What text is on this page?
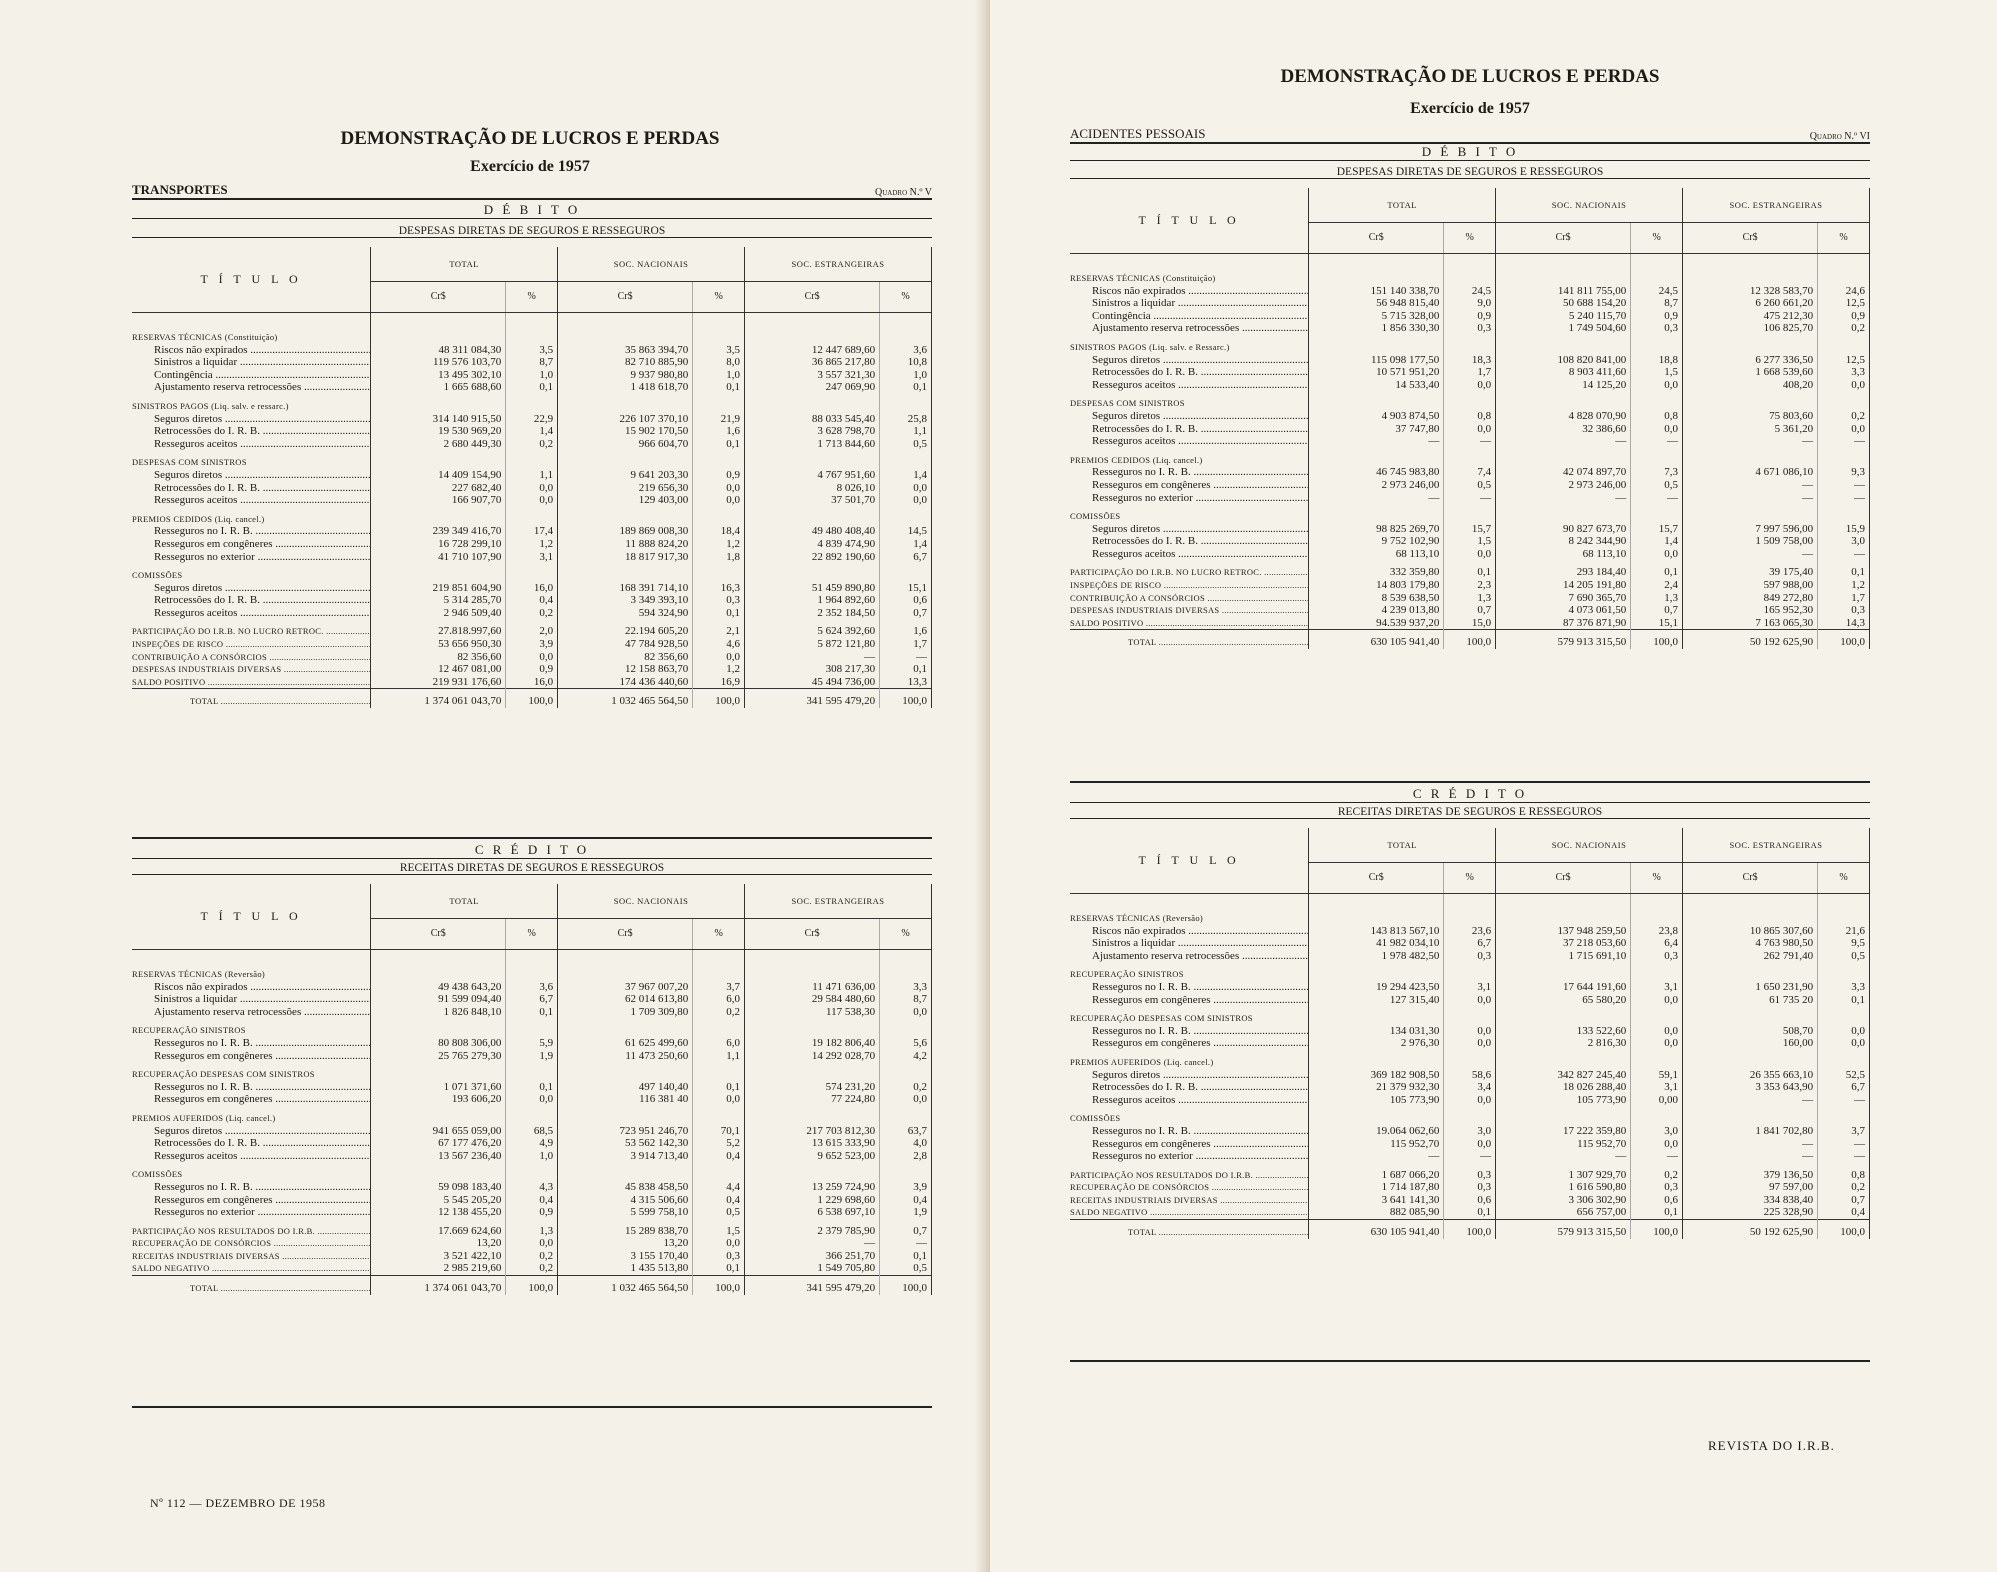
DEMONSTRAÇÃO DE LUCROS E PERDAS
Exercício de 1957
TRANSPORTES	Quadro N.º V
D É B I T O
DESPESAS DIRETAS DE SEGUROS E RESSEGUROS
T Í T U L O	TOTAL		SOC. NACIONAIS		SOC. ESTRANGEIRAS	
	Cr$	%	Cr$	%	Cr$	%

RESERVAS TÉCNICAS (Constituição)						
Riscos não expirados .....	48 311 084,30	3,5	35 863 394,70	3,5	12 447 689,60	3,6
Sinistros a liquidar .....	119 576 103,70	8,7	82 710 885,90	8,0	36 865 217,80	10,8
Contingência .....	13 495 302,10	1,0	9 937 980,80	1,0	3 557 321,30	1,0
Ajustamento reserva retrocessões .....	1 665 688,60	0,1	1 418 618,70	0,1	247 069,90	0,1

SINISTROS PAGOS (Liq. salv. e ressarc.)						
Seguros diretos .....	314 140 915,50	22,9	226 107 370,10	21,9	88 033 545,40	25,8
Retrocessões do I. R. B. .....	19 530 969,20	1,4	15 902 170,50	1,6	3 628 798,70	1,1
Resseguros aceitos .....	2 680 449,30	0,2	966 604,70	0,1	1 713 844,60	0,5

DESPESAS COM SINISTROS						
Seguros diretos .....	14 409 154,90	1,1	9 641 203,30	0,9	4 767 951,60	1,4
Retrocessões do I. R. B. .....	227 682,40	0,0	219 656,30	0,0	8 026,10	0,0
Resseguros aceitos .....	166 907,70	0,0	129 403,00	0,0	37 501,70	0,0

PREMIOS CEDIDOS (Liq. cancel.)						
Resseguros no I. R. B. .....	239 349 416,70	17,4	189 869 008,30	18,4	49 480 408,40	14,5
Resseguros em congêneres .....	16 728 299,10	1,2	11 888 824,20	1,2	4 839 474,90	1,4
Resseguros no exterior .....	41 710 107,90	3,1	18 817 917,30	1,8	22 892 190,60	6,7

COMISSÕES						
Seguros diretos .....	219 851 604,90	16,0	168 391 714,10	16,3	51 459 890,80	15,1
Retrocessões do I. R. B. .....	5 314 285,70	0,4	3 349 393,10	0,3	1 964 892,60	0,6
Resseguros aceitos .....	2 946 509,40	0,2	594 324,90	0,1	2 352 184,50	0,7

PARTICIPAÇÃO DO I.R.B. NO LUCRO RETROC. .....	27.818.997,60	2,0	22.194 605,20	2,1	5 624 392,60	1,6
INSPEÇÕES DE RISCO .....	53 656 950,30	3,9	47 784 928,50	4,6	5 872 121,80	1,7
CONTRIBUIÇÃO A CONSÓRCIOS .....	82 356,60	0,0	82 356,60	0,0	—	—
DESPESAS INDUSTRIAIS DIVERSAS .....	12 467 081,00	0,9	12 158 863,70	1,2	308 217,30	0,1
SALDO POSITIVO .....	219 931 176,60	16,0	174 436 440,60	16,9	45 494 736,00	13,3
TOTAL .....	1 374 061 043,70	100,0	1 032 465 564,50	100,0	341 595 479,20	100,0
C R É D I T O
RECEITAS DIRETAS DE SEGUROS E RESSEGUROS
T Í T U L O	TOTAL		SOC. NACIONAIS		SOC. ESTRANGEIRAS	
	Cr$	%	Cr$	%	Cr$	%

RESERVAS TÉCNICAS (Reversão)						
Riscos não expirados .....	49 438 643,20	3,6	37 967 007,20	3,7	11 471 636,00	3,3
Sinistros a liquidar .....	91 599 094,40	6,7	62 014 613,80	6,0	29 584 480,60	8,7
Ajustamento reserva retrocessões .....	1 826 848,10	0,1	1 709 309,80	0,2	117 538,30	0,0

RECUPERAÇÃO SINISTROS						
Resseguros no I. R. B. .....	80 808 306,00	5,9	61 625 499,60	6,0	19 182 806,40	5,6
Resseguros em congêneres .....	25 765 279,30	1,9	11 473 250,60	1,1	14 292 028,70	4,2

RECUPERAÇÃO DESPESAS COM SINISTROS						
Resseguros no I. R. B. .....	1 071 371,60	0,1	497 140,40	0,1	574 231,20	0,2
Resseguros em congêneres .....	193 606,20	0,0	116 381 40	0,0	77 224,80	0,0

PREMIOS AUFERIDOS (Liq. cancel.)						
Seguros diretos .....	941 655 059,00	68,5	723 951 246,70	70,1	217 703 812,30	63,7
Retrocessões do I. R. B. .....	67 177 476,20	4,9	53 562 142,30	5,2	13 615 333,90	4,0
Resseguros aceitos .....	13 567 236,40	1,0	3 914 713,40	0,4	9 652 523,00	2,8

COMISSÕES						
Resseguros no I. R. B. .....	59 098 183,40	4,3	45 838 458,50	4,4	13 259 724,90	3,9
Resseguros em congêneres .....	5 545 205,20	0,4	4 315 506,60	0,4	1 229 698,60	0,4
Resseguros no exterior .....	12 138 455,20	0,9	5 599 758,10	0,5	6 538 697,10	1,9

PARTICIPAÇÃO NOS RESULTADOS DO I.R.B. .....	17.669 624,60	1,3	15 289 838,70	1,5	2 379 785,90	0,7
RECUPERAÇÃO DE CONSÓRCIOS .....	13,20	0,0	13,20	0,0	—	—
RECEITAS INDUSTRIAIS DIVERSAS .....	3 521 422,10	0,2	3 155 170,40	0,3	366 251,70	0,1
SALDO NEGATIVO .....	2 985 219,60	0,2	1 435 513,80	0,1	1 549 705,80	0,5
TOTAL .....	1 374 061 043,70	100,0	1 032 465 564,50	100,0	341 595 479,20	100,0
Nº 112 — DEZEMBRO DE 1958
DEMONSTRAÇÃO DE LUCROS E PERDAS
Exercício de 1957
ACIDENTES PESSOAIS	Quadro N.º VI
D É B I T O
DESPESAS DIRETAS DE SEGUROS E RESSEGUROS
T Í T U L O	TOTAL		SOC. NACIONAIS		SOC. ESTRANGEIRAS	
	Cr$	%	Cr$	%	Cr$	%

RESERVAS TÉCNICAS (Constituição)						
Riscos não expirados .....	151 140 338,70	24,5	141 811 755,00	24,5	12 328 583,70	24,6
Sinistros a liquidar .....	56 948 815,40	9,0	50 688 154,20	8,7	6 260 661,20	12,5
Contingência .....	5 715 328,00	0,9	5 240 115,70	0,9	475 212,30	0,9
Ajustamento reserva retrocessões .....	1 856 330,30	0,3	1 749 504,60	0,3	106 825,70	0,2

SINISTROS PAGOS (Liq. salv. e Ressarc.)						
Seguros diretos .....	115 098 177,50	18,3	108 820 841,00	18,8	6 277 336,50	12,5
Retrocessões do I. R. B. .....	10 571 951,20	1,7	8 903 411,60	1,5	1 668 539,60	3,3
Resseguros aceitos .....	14 533,40	0,0	14 125,20	0,0	408,20	0,0

DESPESAS COM SINISTROS						
Seguros diretos .....	4 903 874,50	0,8	4 828 070,90	0,8	75 803,60	0,2
Retrocessões do I. R. B. .....	37 747,80	0,0	32 386,60	0,0	5 361,20	0,0
Resseguros aceitos .....	—	—	—	—	—	—

PREMIOS CEDIDOS (Liq. cancel.)						
Resseguros no I. R. B. .....	46 745 983,80	7,4	42 074 897,70	7,3	4 671 086,10	9,3
Resseguros em congêneres .....	2 973 246,00	0,5	2 973 246,00	0,5	—	—
Resseguros no exterior .....	—	—	—	—	—	—

COMISSÕES						
Seguros diretos .....	98 825 269,70	15,7	90 827 673,70	15,7	7 997 596,00	15,9
Retrocessões do I. R. B. .....	9 752 102,90	1,5	8 242 344,90	1,4	1 509 758,00	3,0
Resseguros aceitos .....	68 113,10	0,0	68 113,10	0,0	—	—

PARTICIPAÇÃO DO I.R.B. NO LUCRO RETROC. .....	332 359,80	0,1	293 184,40	0,1	39 175,40	0,1
INSPEÇÕES DE RISCO .....	14 803 179,80	2,3	14 205 191,80	2,4	597 988,00	1,2
CONTRIBUIÇÃO A CONSÓRCIOS .....	8 539 638,50	1,3	7 690 365,70	1,3	849 272,80	1,7
DESPESAS INDUSTRIAIS DIVERSAS .....	4 239 013,80	0,7	4 073 061,50	0,7	165 952,30	0,3
SALDO POSITIVO .....	94.539 937,20	15,0	87 376 871,90	15,1	7 163 065,30	14,3
TOTAL .....	630 105 941,40	100,0	579 913 315,50	100,0	50 192 625,90	100,0
C R É D I T O
RECEITAS DIRETAS DE SEGUROS E RESSEGUROS
T Í T U L O	TOTAL		SOC. NACIONAIS		SOC. ESTRANGEIRAS	
	Cr$	%	Cr$	%	Cr$	%

RESERVAS TÉCNICAS (Reversão)						
Riscos não expirados .....	143 813 567,10	23,6	137 948 259,50	23,8	10 865 307,60	21,6
Sinistros a liquidar .....	41 982 034,10	6,7	37 218 053,60	6,4	4 763 980,50	9,5
Ajustamento reserva retrocessões .....	1 978 482,50	0,3	1 715 691,10	0,3	262 791,40	0,5

RECUPERAÇÃO SINISTROS						
Resseguros no I. R. B. .....	19 294 423,50	3,1	17 644 191,60	3,1	1 650 231,90	3,3
Resseguros em congêneres .....	127 315,40	0,0	65 580,20	0,0	61 735 20	0,1

RECUPERAÇÃO DESPESAS COM SINISTROS						
Resseguros no I. R. B. .....	134 031,30	0,0	133 522,60	0,0	508,70	0,0
Resseguros em congêneres .....	2 976,30	0,0	2 816,30	0,0	160,00	0,0

PREMIOS AUFERIDOS (Liq. cancel.)						
Seguros diretos .....	369 182 908,50	58,6	342 827 245,40	59,1	26 355 663,10	52,5
Retrocessões do I. R. B. .....	21 379 932,30	3,4	18 026 288,40	3,1	3 353 643,90	6,7
Resseguros aceitos .....	105 773,90	0,0	105 773,90	0,00	—	—

COMISSÕES						
Resseguros no I. R. B. .....	19.064 062,60	3,0	17 222 359,80	3,0	1 841 702,80	3,7
Resseguros em congêneres .....	115 952,70	0,0	115 952,70	0,0	—	—
Resseguros no exterior .....	—	—	—	—	—	—

PARTICIPAÇÃO NOS RESULTADOS DO I.R.B. .....	1 687 066,20	0,3	1 307 929,70	0,2	379 136,50	0,8
RECUPERAÇÃO DE CONSÓRCIOS .....	1 714 187,80	0,3	1 616 590,80	0,3	97 597,00	0,2
RECEITAS INDUSTRIAIS DIVERSAS .....	3 641 141,30	0,6	3 306 302,90	0,6	334 838,40	0,7
SALDO NEGATIVO .....	882 085,90	0,1	656 757,00	0,1	225 328,90	0,4
TOTAL .....	630 105 941,40	100,0	579 913 315,50	100,0	50 192 625,90	100,0
REVISTA DO I.R.B.
